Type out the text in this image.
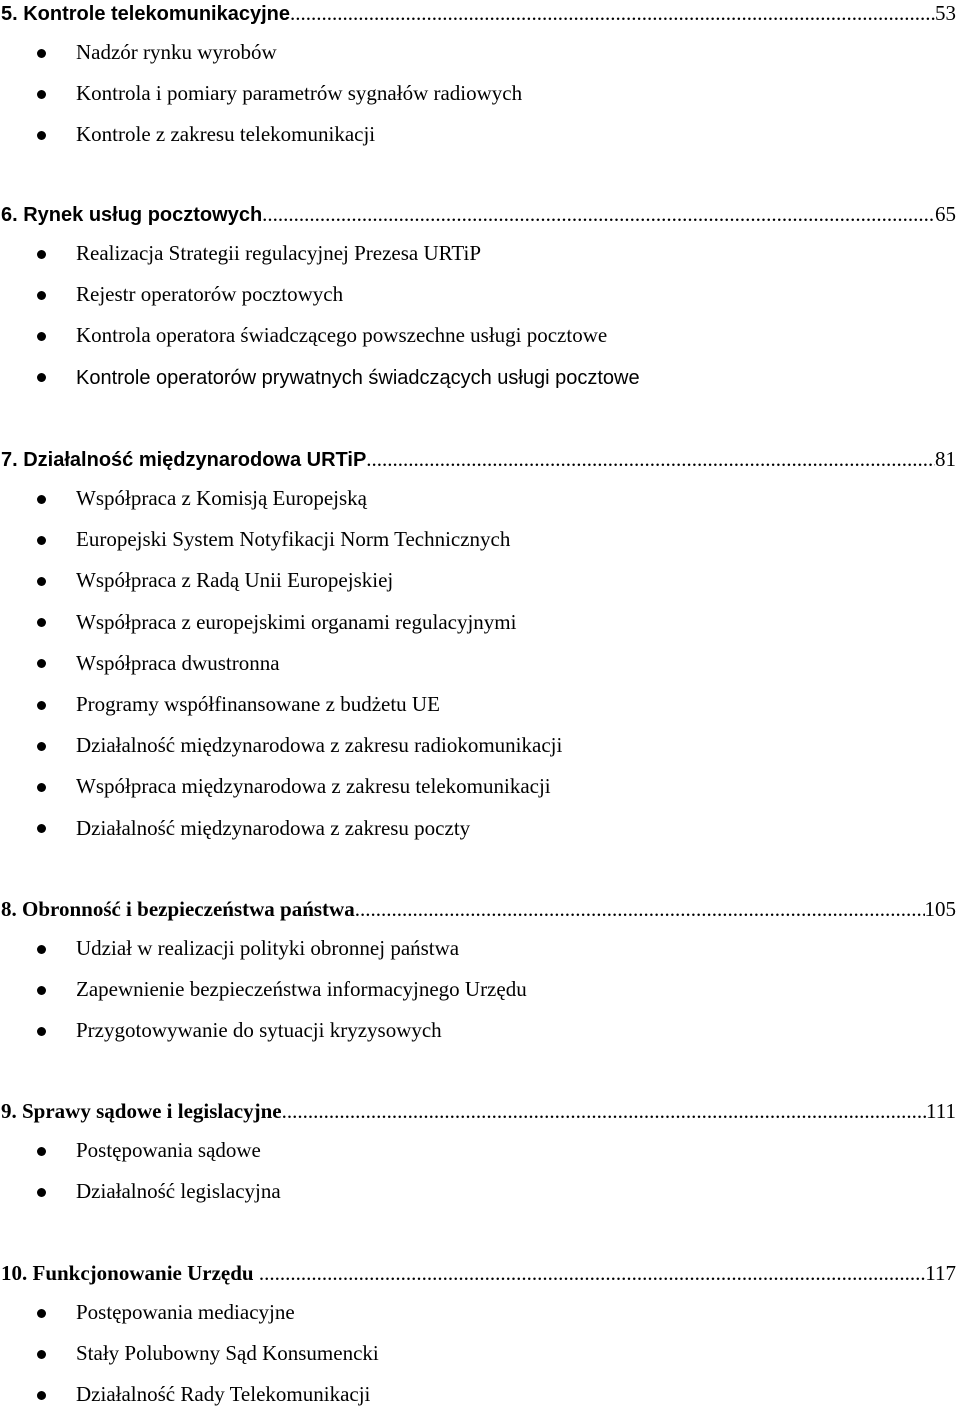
5. Kontrole telekomunikacyjne .....	53
Nadzór rynku wyrobów
Kontrola i pomiary parametrów sygnałów radiowych
Kontrole z zakresu telekomunikacji
6. Rynek usług pocztowych .....	65
Realizacja Strategii regulacyjnej Prezesa URTiP
Rejestr operatorów pocztowych
Kontrola operatora świadczącego powszechne usługi pocztowe
Kontrole operatorów prywatnych świadczących usługi pocztowe
7. Działalność międzynarodowa URTiP .....	81
Współpraca z Komisją Europejską
Europejski System Notyfikacji Norm Technicznych
Współpraca z Radą Unii Europejskiej
Współpraca z europejskimi organami regulacyjnymi
Współpraca dwustronna
Programy współfinansowane z budżetu UE
Działalność międzynarodowa z zakresu radiokomunikacji
Współpraca międzynarodowa z zakresu telekomunikacji
Działalność międzynarodowa z zakresu poczty
8. Obronność i bezpieczeństwa państwa .....	105
Udział w realizacji polityki obronnej państwa
Zapewnienie bezpieczeństwa informacyjnego Urzędu
Przygotowywanie do sytuacji kryzysowych
9. Sprawy sądowe i legislacyjne .....	111
Postępowania sądowe
Działalność legislacyjna
10. Funkcjonowanie Urzędu .....	117
Postępowania mediacyjne
Stały Polubowny Sąd Konsumencki
Działalność Rady Telekomunikacji
